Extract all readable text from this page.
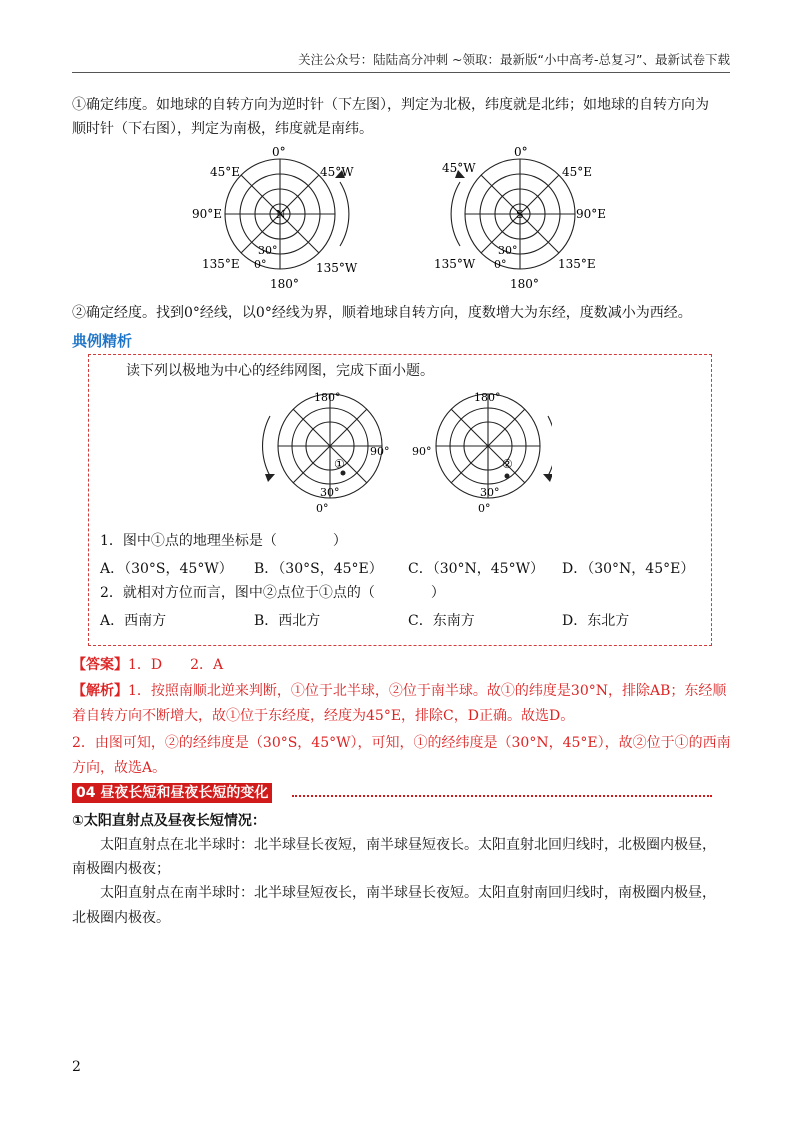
关注公众号：陆陆高分冲刺 ~领取：最新版“小中高考-总复习”、最新试卷下载
①确定纬度。如地球的自转方向为逆时针（下左图），判定为北极，纬度就是北纬；如地球的自转方向为
顺时针（下右图），判定为南极，纬度就是南纬。
0°
45°E	45°W
90°E	N
30°
0°
135°E	135°W
180°
0°
45°W	45°E
90°E
S
30°
0°
135°W	135°E
180°
②确定经度。找到0°经线，以0°经线为界，顺着地球自转方向，度数增大为东经，度数减小为西经。
典例精析
读下列以极地为中心的经纬网图，完成下面小题。
180°
90°
①
30°
0°
180°
90°
②
30°
0°
1．图中①点的地理坐标是（　　　　）
A．（30°S，45°W） B．（30°S，45°E） C．（30°N，45°W） D．（30°N，45°E）
2．就相对方位而言，图中②点位于①点的（　　　　）
A．西南方	B．西北方	C．东南方	D．东北方
【答案】1．D　　2．A
【解析】1．按照南顺北逆来判断，①位于北半球，②位于南半球。故①的纬度是30°N，排除AB；东经顺
着自转方向不断增大，故①位于东经度，经度为45°E，排除C，D正确。故选D。
2．由图可知，②的经纬度是（30°S，45°W），可知，①的经纬度是（30°N，45°E），故②位于①的西南
方向，故选A。
04 昼夜长短和昼夜长短的变化
①太阳直射点及昼夜长短情况：
太阳直射点在北半球时：北半球昼长夜短，南半球昼短夜长。太阳直射北回归线时，北极圈内极昼，
南极圈内极夜；
太阳直射点在南半球时：北半球昼短夜长，南半球昼长夜短。太阳直射南回归线时，南极圈内极昼，
北极圈内极夜。
2
